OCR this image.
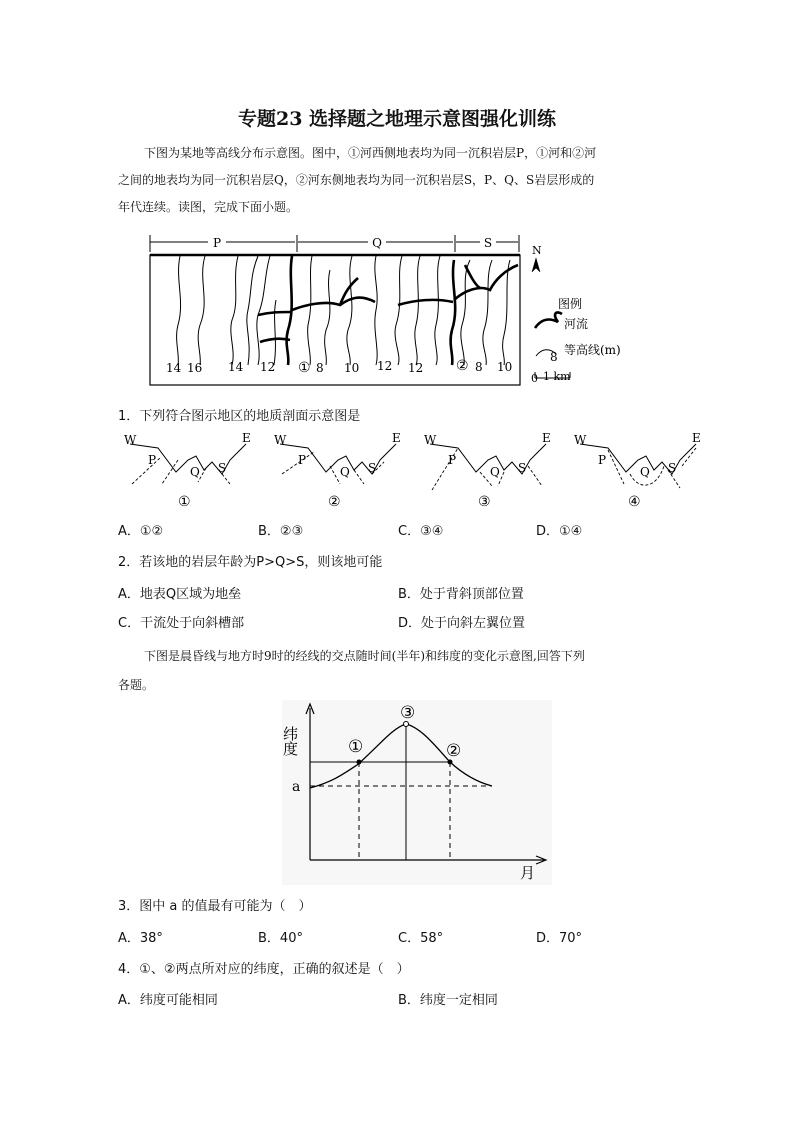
专题23 选择题之地理示意图强化训练
下图为某地等高线分布示意图。图中，①河西侧地表均为同一沉积岩层P，①河和②河
之间的地表均为同一沉积岩层Q，②河东侧地表均为同一沉积岩层S，P、Q、S岩层形成的
年代连续。读图，完成下面小题。
P	Q	S
14 16 14 12 ① 8 10 12 12 ② 8 10
N
图例
河流
8 等高线(m)
0 1 km
1．下列符合图示地区的地质剖面示意图是
W	E
P
Q S
①
W	E
P
Q S
②
W	E
P
Q S
③
W	E
P
Q S
④
A．①②	B．②③	C．③④	D．①④
2．若该地的岩层年龄为P>Q>S，则该地可能
A．地表Q区域为地垒	B．处于背斜顶部位置
C．干流处于向斜槽部	D．处于向斜左翼位置
下图是晨昏线与地方时9时的经线的交点随时间(半年)和纬度的变化示意图,回答下列
各题。
纬度
月
a
①	②
③
3．图中 a 的值最有可能为（　）
A．38°	B．40°	C．58°	D．70°
4．①、②两点所对应的纬度，正确的叙述是（　）
A．纬度可能相同	B．纬度一定相同
